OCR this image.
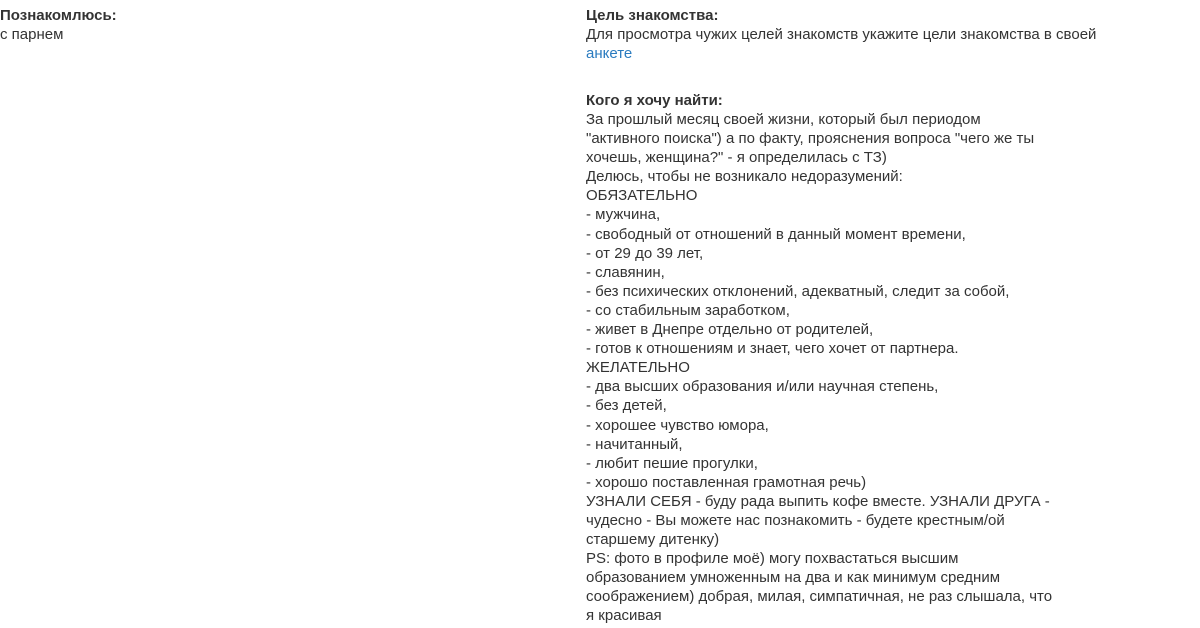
Познакомлюсь:
с парнем
Цель знакомства:
Для просмотра чужих целей знакомств укажите цели знакомства в своей анкете
Кого я хочу найти:
За прошлый месяц своей жизни, который был периодом
"активного поиска") а по факту, прояснения вопроса "чего же ты
хочешь, женщина?" - я определилась с ТЗ)
Делюсь, чтобы не возникало недоразумений:
ОБЯЗАТЕЛЬНО
- мужчина,
- свободный от отношений в данный момент времени,
- от 29 до 39 лет,
- славянин,
- без психических отклонений, адекватный, следит за собой,
- со стабильным заработком,
- живет в Днепре отдельно от родителей,
- готов к отношениям и знает, чего хочет от партнера.
ЖЕЛАТЕЛЬНО
- два высших образования и/или научная степень,
- без детей,
- хорошее чувство юмора,
- начитанный,
- любит пешие прогулки,
- хорошо поставленная грамотная речь)
УЗНАЛИ СЕБЯ - буду рада выпить кофе вместе. УЗНАЛИ ДРУГА -
чудесно - Вы можете нас познакомить - будете крестным/ой
старшему дитенку)
PS: фото в профиле моё) могу похвастаться высшим
образованием умноженным на два и как минимум средним
соображением) добрая, милая, симпатичная, не раз слышала, что
я красивая
